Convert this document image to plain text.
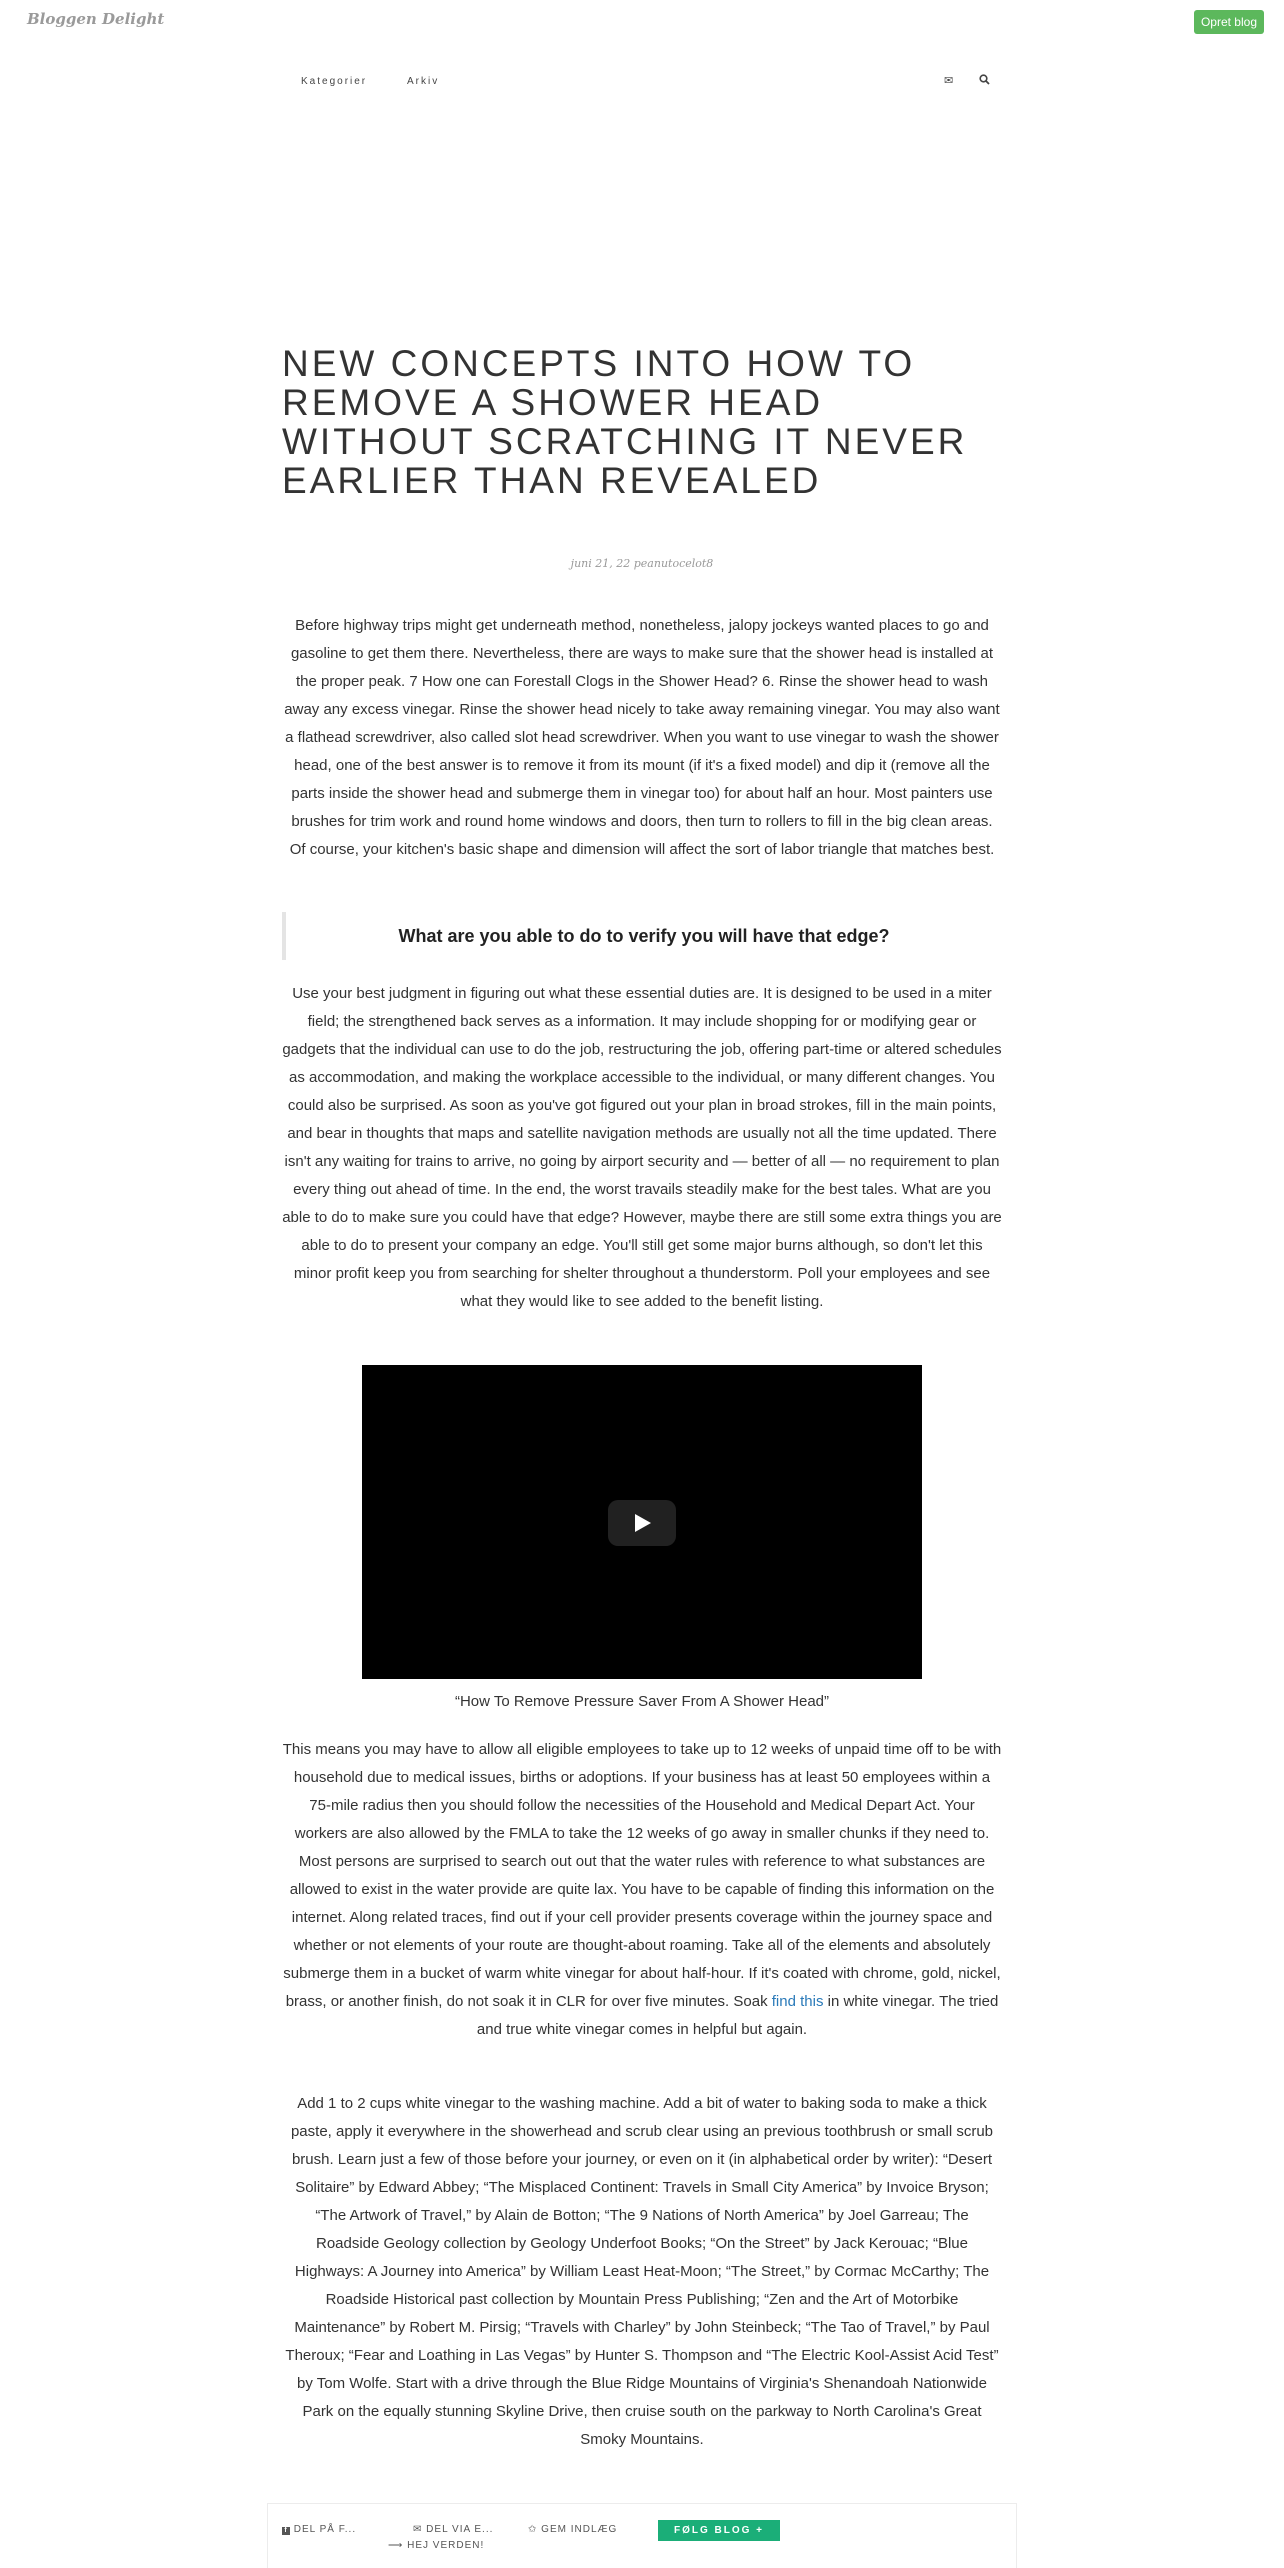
Bloggen Delight	Opret blog
Kategorier	Arkiv	✉
NEW CONCEPTS INTO HOW TO REMOVE A SHOWER HEAD WITHOUT SCRATCHING IT NEVER EARLIER THAN REVEALED
juni 21, 22 peanutocelot8

Before highway trips might get underneath method, nonetheless, jalopy jockeys wanted places to go and gasoline to get them there. Nevertheless, there are ways to make sure that the shower head is installed at the proper peak. 7 How one can Forestall Clogs in the Shower Head? 6. Rinse the shower head to wash away any excess vinegar. Rinse the shower head nicely to take away remaining vinegar. You may also want a flathead screwdriver, also called slot head screwdriver. When you want to use vinegar to wash the shower head, one of the best answer is to remove it from its mount (if it's a fixed model) and dip it (remove all the parts inside the shower head and submerge them in vinegar too) for about half an hour. Most painters use brushes for trim work and round home windows and doors, then turn to rollers to fill in the big clean areas. Of course, your kitchen's basic shape and dimension will affect the sort of labor triangle that matches best.

What are you able to do to verify you will have that edge?

Use your best judgment in figuring out what these essential duties are. It is designed to be used in a miter field; the strengthened back serves as a information. It may include shopping for or modifying gear or gadgets that the individual can use to do the job, restructuring the job, offering part-time or altered schedules as accommodation, and making the workplace accessible to the individual, or many different changes. You could also be surprised. As soon as you've got figured out your plan in broad strokes, fill in the main points, and bear in thoughts that maps and satellite navigation methods are usually not all the time updated. There isn't any waiting for trains to arrive, no going by airport security and — better of all — no requirement to plan every thing out ahead of time. In the end, the worst travails steadily make for the best tales. What are you able to do to make sure you could have that edge? However, maybe there are still some extra things you are able to do to present your company an edge. You'll still get some major burns although, so don't let this minor profit keep you from searching for shelter throughout a thunderstorm. Poll your employees and see what they would like to see added to the benefit listing.

“How To Remove Pressure Saver From A Shower Head”

This means you may have to allow all eligible employees to take up to 12 weeks of unpaid time off to be with household due to medical issues, births or adoptions. If your business has at least 50 employees within a 75-mile radius then you should follow the necessities of the Household and Medical Depart Act. Your workers are also allowed by the FMLA to take the 12 weeks of go away in smaller chunks if they need to. Most persons are surprised to search out out that the water rules with reference to what substances are allowed to exist in the water provide are quite lax. You have to be capable of finding this information on the internet. Along related traces, find out if your cell provider presents coverage within the journey space and whether or not elements of your route are thought-about roaming. Take all of the elements and absolutely submerge them in a bucket of warm white vinegar for about half-hour. If it's coated with chrome, gold, nickel, brass, or another finish, do not soak it in CLR for over five minutes. Soak find this in white vinegar. The tried and true white vinegar comes in helpful but again.

Add 1 to 2 cups white vinegar to the washing machine. Add a bit of water to baking soda to make a thick paste, apply it everywhere in the showerhead and scrub clear using an previous toothbrush or small scrub brush. Learn just a few of those before your journey, or even on it (in alphabetical order by writer): “Desert Solitaire” by Edward Abbey; “The Misplaced Continent: Travels in Small City America” by Invoice Bryson; “The Artwork of Travel,” by Alain de Botton; “The 9 Nations of North America” by Joel Garreau; The Roadside Geology collection by Geology Underfoot Books; “On the Street” by Jack Kerouac; “Blue Highways: A Journey into America” by William Least Heat-Moon; “The Street,” by Cormac McCarthy; The Roadside Historical past collection by Mountain Press Publishing; “Zen and the Art of Motorbike Maintenance” by Robert M. Pirsig; “Travels with Charley” by John Steinbeck; “The Tao of Travel,” by Paul Theroux; “Fear and Loathing in Las Vegas” by Hunter S. Thompson and “The Electric Kool-Assist Acid Test” by Tom Wolfe. Start with a drive through the Blue Ridge Mountains of Virginia's Shenandoah Nationwide Park on the equally stunning Skyline Drive, then cruise south on the parkway to North Carolina's Great Smoky Mountains.

f DEL PÅ F...	✉ DEL VIA E...	✩ GEM INDLÆG	FØLG BLOG +
⟶ HEJ VERDEN!
